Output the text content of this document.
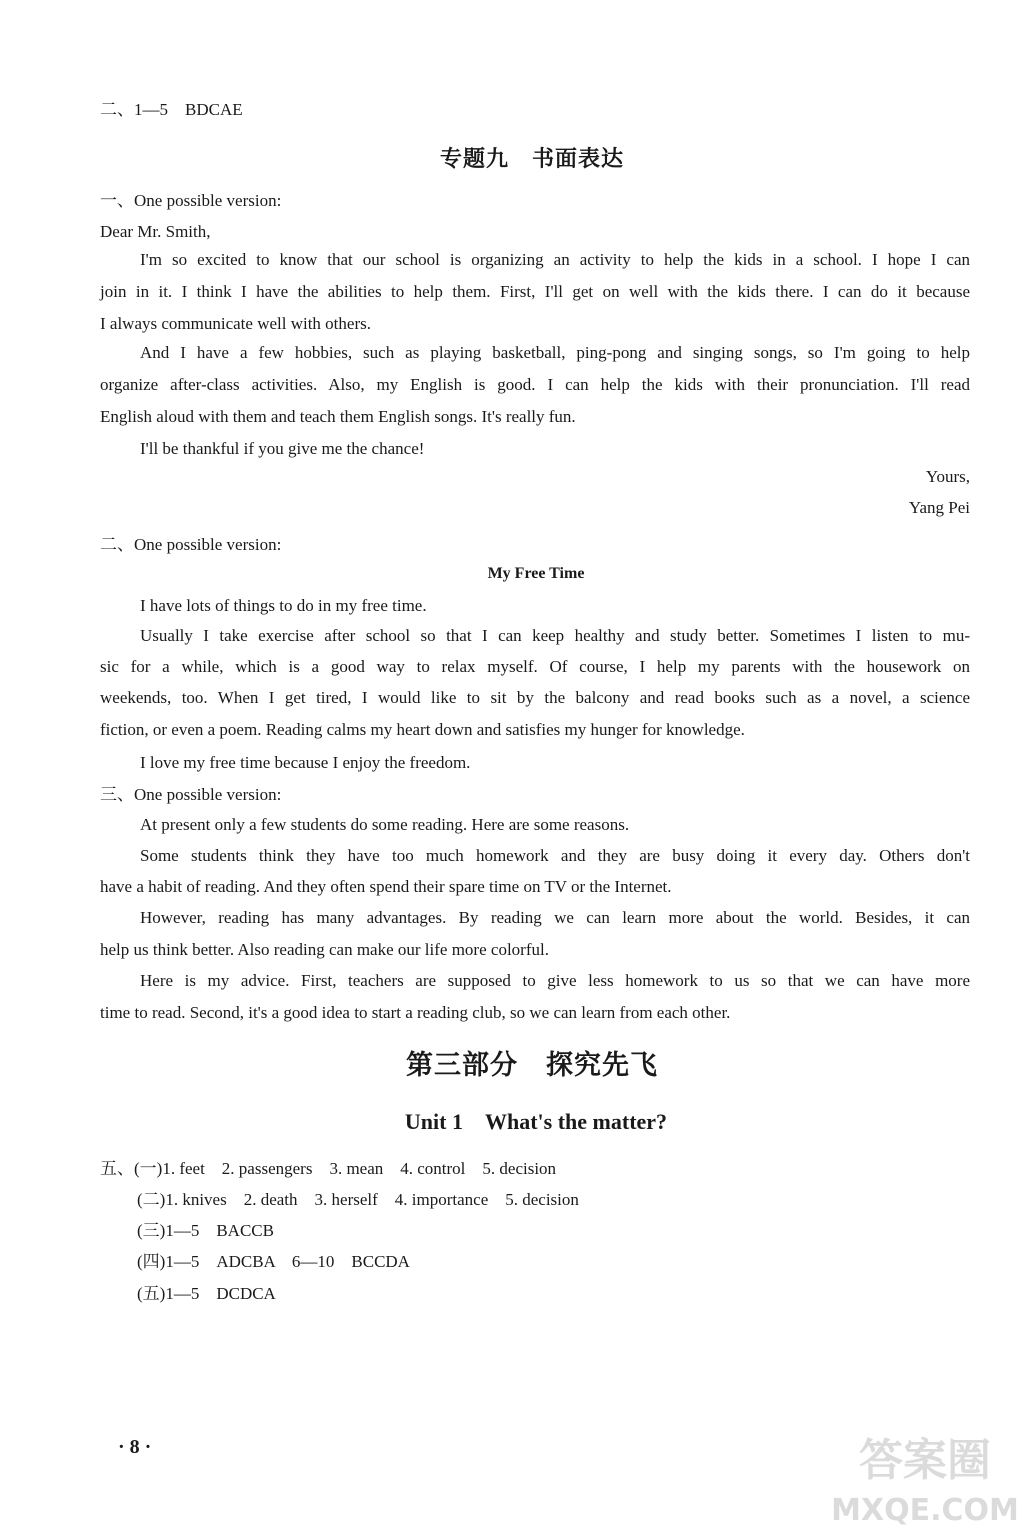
二、1—5　BDCAE
专题九　书面表达
一、One possible version:
Dear Mr. Smith,
I'm so excited to know that our school is organizing an activity to help the kids in a school. I hope I can
join in it. I think I have the abilities to help them. First, I'll get on well with the kids there. I can do it because
I always communicate well with others.
And I have a few hobbies, such as playing basketball, ping-pong and singing songs, so I'm going to help
organize after-class activities. Also, my English is good. I can help the kids with their pronunciation. I'll read
English aloud with them and teach them English songs. It's really fun.
I'll be thankful if you give me the chance!
Yours,
Yang Pei
二、One possible version:
My Free Time
I have lots of things to do in my free time.
Usually I take exercise after school so that I can keep healthy and study better. Sometimes I listen to mu-
sic for a while, which is a good way to relax myself. Of course, I help my parents with the housework on
weekends, too. When I get tired, I would like to sit by the balcony and read books such as a novel, a science
fiction, or even a poem. Reading calms my heart down and satisfies my hunger for knowledge.
I love my free time because I enjoy the freedom.
三、One possible version:
At present only a few students do some reading. Here are some reasons.
Some students think they have too much homework and they are busy doing it every day. Others don't
have a habit of reading. And they often spend their spare time on TV or the Internet.
However, reading has many advantages. By reading we can learn more about the world. Besides, it can
help us think better. Also reading can make our life more colorful.
Here is my advice. First, teachers are supposed to give less homework to us so that we can have more
time to read. Second, it's a good idea to start a reading club, so we can learn from each other.
第三部分　探究先飞
Unit 1　What's the matter?
五、(一)1. feet　2. passengers　3. mean　4. control　5. decision
(二)1. knives　2. death　3. herself　4. importance　5. decision
(三)1—5　BACCB
(四)1—5　ADCBA　6—10　BCCDA
(五)1—5　DCDCA
· 8 ·	答案圈
MXQE.COM
